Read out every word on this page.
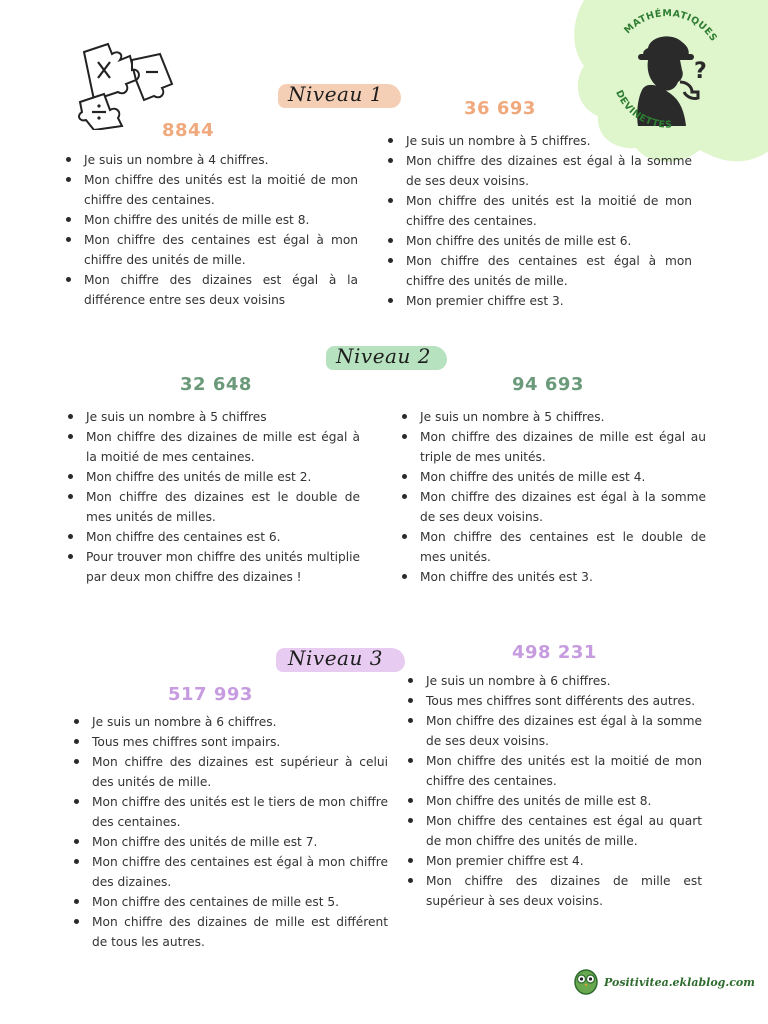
?
MATHÉMATIQUES
DEVINETTES
Niveau 1
8844
36 693
Je suis un nombre à 4 chiffres.
Mon chiffre des unités est la moitié de mon chiffre des centaines.
Mon chiffre des unités de mille est 8.
Mon chiffre des centaines est égal à mon chiffre des unités de mille.
Mon chiffre des dizaines est égal à la différence entre ses deux voisins
Je suis un nombre à 5 chiffres.
Mon chiffre des dizaines est égal à la somme de ses deux voisins.
Mon chiffre des unités est la moitié de mon chiffre des centaines.
Mon chiffre des unités de mille est 6.
Mon chiffre des centaines est égal à mon chiffre des unités de mille.
Mon premier chiffre est 3.
Niveau 2
32 648	94 693
Je suis un nombre à 5 chiffres
Mon chiffre des dizaines de mille est égal à la moitié de mes centaines.
Mon chiffre des unités de mille est 2.
Mon chiffre des dizaines est le double de mes unités de milles.
Mon chiffre des centaines est 6.
Pour trouver mon chiffre des unités multiplie par deux mon chiffre des dizaines !
Je suis un nombre à 5 chiffres.
Mon chiffre des dizaines de mille est égal au triple de mes unités.
Mon chiffre des unités de mille est 4.
Mon chiffre des dizaines est égal à la somme de ses deux voisins.
Mon chiffre des centaines est le double de mes unités.
Mon chiffre des unités est 3.
Niveau 3
517 993
498 231
Je suis un nombre à 6 chiffres.
Tous mes chiffres sont impairs.
Mon chiffre des dizaines est supérieur à celui des unités de mille.
Mon chiffre des unités est le tiers de mon chiffre des centaines.
Mon chiffre des unités de mille est 7.
Mon chiffre des centaines est égal à mon chiffre des dizaines.
Mon chiffre des centaines de mille est 5.
Mon chiffre des dizaines de mille est différent de tous les autres.
Je suis un nombre à 6 chiffres.
Tous mes chiffres sont différents des autres.
Mon chiffre des dizaines est égal à la somme de ses deux voisins.
Mon chiffre des unités est la moitié de mon chiffre des centaines.
Mon chiffre des unités de mille est 8.
Mon chiffre des centaines est égal au quart de mon chiffre des unités de mille.
Mon premier chiffre est 4.
Mon chiffre des dizaines de mille est supérieur à ses deux voisins.
Positivitea.eklablog.com
